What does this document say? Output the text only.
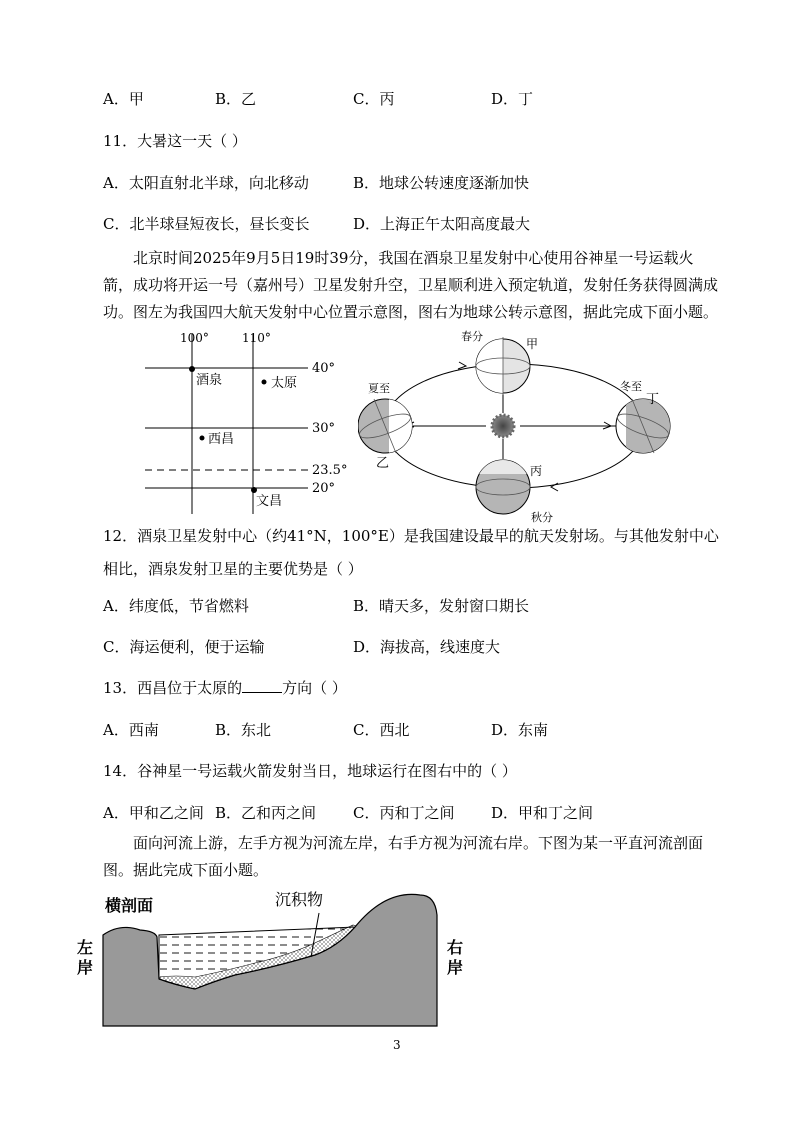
A．甲	B．乙	C．丙	D．丁
11．大暑这一天（ ）
A．太阳直射北半球，向北移动	B．地球公转速度逐渐加快
C．北半球昼短夜长，昼长变长	D．上海正午太阳高度最大
北京时间2025年9月5日19时39分，我国在酒泉卫星发射中心使用谷神星一号运载火箭，成功将开运一号（嘉州号）卫星发射升空，卫星顺利进入预定轨道，发射任务获得圆满成功。图左为我国四大航天发射中心位置示意图，图右为地球公转示意图，据此完成下面小题。
100°	110°
40°
30°
23.5°
20°
酒泉	太原
西昌
文昌
春分
甲
夏至
乙
冬至
丁
丙
秋分
12．酒泉卫星发射中心（约41°N，100°E）是我国建设最早的航天发射场。与其他发射中心
相比，酒泉发射卫星的主要优势是（ ）
A．纬度低，节省燃料	B．晴天多，发射窗口期长
C．海运便利，便于运输	D．海拔高，线速度大
13．西昌位于太原的	方向（ ）
A．西南	B．东北	C．西北	D．东南
14．谷神星一号运载火箭发射当日，地球运行在图右中的（ ）
A．甲和乙之间 B．乙和丙之间 C．丙和丁之间 D．甲和丁之间
面向河流上游，左手方视为河流左岸，右手方视为河流右岸。下图为某一平直河流剖面图。据此完成下面小题。
横剖面	沉积物
左
岸
右
岸
3
